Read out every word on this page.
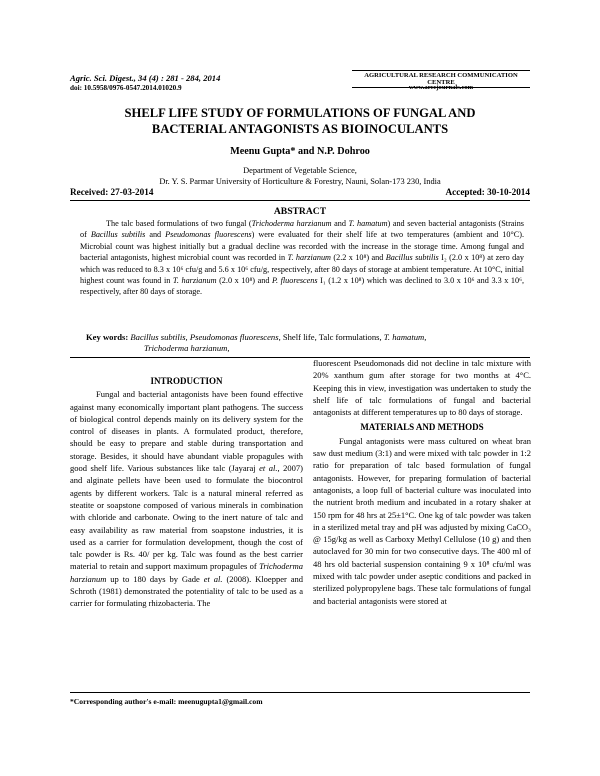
Agric. Sci. Digest., 34 (4) : 281 - 284, 2014
doi: 10.5958/0976-0547.2014.01020.9
AGRICULTURAL RESEARCH COMMUNICATION CENTRE
www.arccjournals.com
SHELF LIFE STUDY OF FORMULATIONS OF FUNGAL AND
BACTERIAL ANTAGONISTS AS BIOINOCULANTS
Meenu Gupta* and N.P. Dohroo
Department of Vegetable Science,
Dr. Y. S. Parmar University of Horticulture & Forestry, Nauni, Solan-173 230, India
Received: 27-03-2014	Accepted: 30-10-2014
ABSTRACT
The talc based formulations of two fungal (Trichoderma harzianum and T. hamatum) and seven bacterial antagonists (Strains of Bacillus subtilis and Pseudomonas fluorescens) were evaluated for their shelf life at two temperatures (ambient and 10°C). Microbial count was highest initially but a gradual decline was recorded with the increase in the storage time. Among fungal and bacterial antagonists, highest microbial count was recorded in T. harzianum (2.2 x 10⁸) and Bacillus subtilis I₂ (2.0 x 10⁸) at zero day which was reduced to 8.3 x 10⁶ cfu/g and 5.6 x 10⁶ cfu/g, respectively, after 80 days of storage at ambient temperature. At 10°C, initial highest count was found in T. harzianum (2.0 x 10⁸) and P. fluorescens I₁ (1.2 x 10⁸) which was declined to 3.0 x 10⁶ and 3.3 x 10⁶, respectively, after 80 days of storage.
Key words: Bacillus subtilis, Pseudomonas fluorescens, Shelf life, Talc formulations, T. hamatum,
Trichoderma harzianum,
INTRODUCTION

Fungal and bacterial antagonists have been found effective against many economically important plant pathogens. The success of biological control depends mainly on its delivery system for the control of diseases in plants. A formulated product, therefore, should be easy to prepare and stable during transportation and storage. Besides, it should have abundant viable propagules with good shelf life. Various substances like talc (Jayaraj et al., 2007) and alginate pellets have been used to formulate the biocontrol agents by different workers. Talc is a natural mineral referred as steatite or soapstone composed of various minerals in combination with chloride and carbonate. Owing to the inert nature of talc and easy availability as raw material from soapstone industries, it is used as a carrier for formulation development, though the cost of talc powder is Rs. 40/ per kg. Talc was found as the best carrier material to retain and support maximum propagules of Trichoderma harzianum up to 180 days by Gade et al. (2008). Kloepper and Schroth (1981) demonstrated the potentiality of talc to be used as a carrier for formulating rhizobacteria. The

fluorescent Pseudomonads did not decline in talc mixture with 20% xanthum gum after storage for two months at 4°C. Keeping this in view, investigation was undertaken to study the shelf life of talc formulations of fungal and bacterial antagonists at different temperatures up to 80 days of storage.

MATERIALS AND METHODS

Fungal antagonists were mass cultured on wheat bran saw dust medium (3:1) and were mixed with talc powder in 1:2 ratio for preparation of talc based formulation of fungal antagonists. However, for preparing formulation of bacterial antagonists, a loop full of bacterial culture was inoculated into the nutrient broth medium and incubated in a rotary shaker at 150 rpm for 48 hrs at 25±1°C. One kg of talc powder was taken in a sterilized metal tray and pH was adjusted by mixing CaCO₃ @ 15g/kg as well as Carboxy Methyl Cellulose (10 g) and then autoclaved for 30 min for two consecutive days. The 400 ml of 48 hrs old bacterial suspension containing 9 x 10⁸ cfu/ml was mixed with talc powder under aseptic conditions and packed in sterilized polypropylene bags. These talc formulations of fungal and bacterial antagonists were stored at

*Corresponding author's e-mail: meenugupta1@gmail.com
